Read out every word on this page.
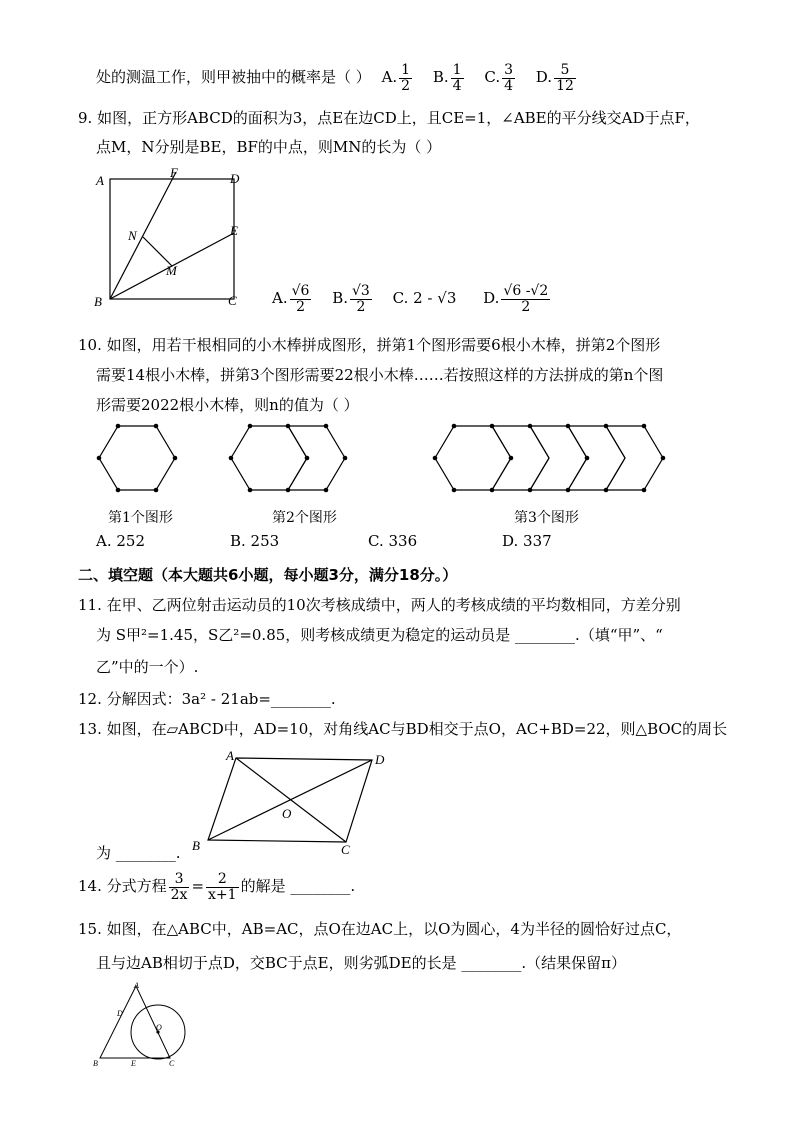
处的测温工作，则甲被抽中的概率是（ ） A. $\frac{1}{2} B$. $\frac{1}{4} C$. $\frac{3}{4} D$. $\frac{5}{12}$
9. 如图，正方形ABCD的面积为3，点E在边CD上，且CE=1，∠ABE的平分线交AD于点F，
点M，N分别是BE，BF的中点，则MN的长为（ ）
A
F	D
E
N
M
B	C A. $\frac{√6}{2} B$. $\frac{√3}{2} C$. 2 - √3 D. $\frac{√6 -√2}{2}$
10. 如图，用若干根相同的小木棒拼成图形，拼第1个图形需要6根小木棒，拼第2个图形
需要14根小木棒，拼第3个图形需要22根小木棒……若按照这样的方法拼成的第n个图
形需要2022根小木棒，则n的值为（ ）
第1个图形	第2个图形	第3个图形
A. 252	B. 253	C. 336	D. 337
二、填空题（本大题共6小题，每小题3分，满分18分。）
11. 在甲、乙两位射击运动员的10次考核成绩中，两人的考核成绩的平均数相同，方差分别
为 S甲²=1.45，S乙²=0.85，则考核成绩更为稳定的运动员是 ________.（填“甲”、“
乙”中的一个）.
12. 分解因式：3a² - 21ab=________.
13. 如图，在▱ABCD中，AD=10，对角线AC与BD相交于点O，AC+BD=22，则△BOC的周长
A	D
O
B	C
为 ________.
14. 分式方程 $\frac{3}{2x} = \frac{2}{x+1}$ 的解是 ________.
15. 如图，在△ABC中，AB=AC，点O在边AC上，以O为圆心，4为半径的圆恰好过点C，
且与边AB相切于点D，交BC于点E，则劣弧DE的长是 ________.（结果保留π）
A
D
O
B	E	C
